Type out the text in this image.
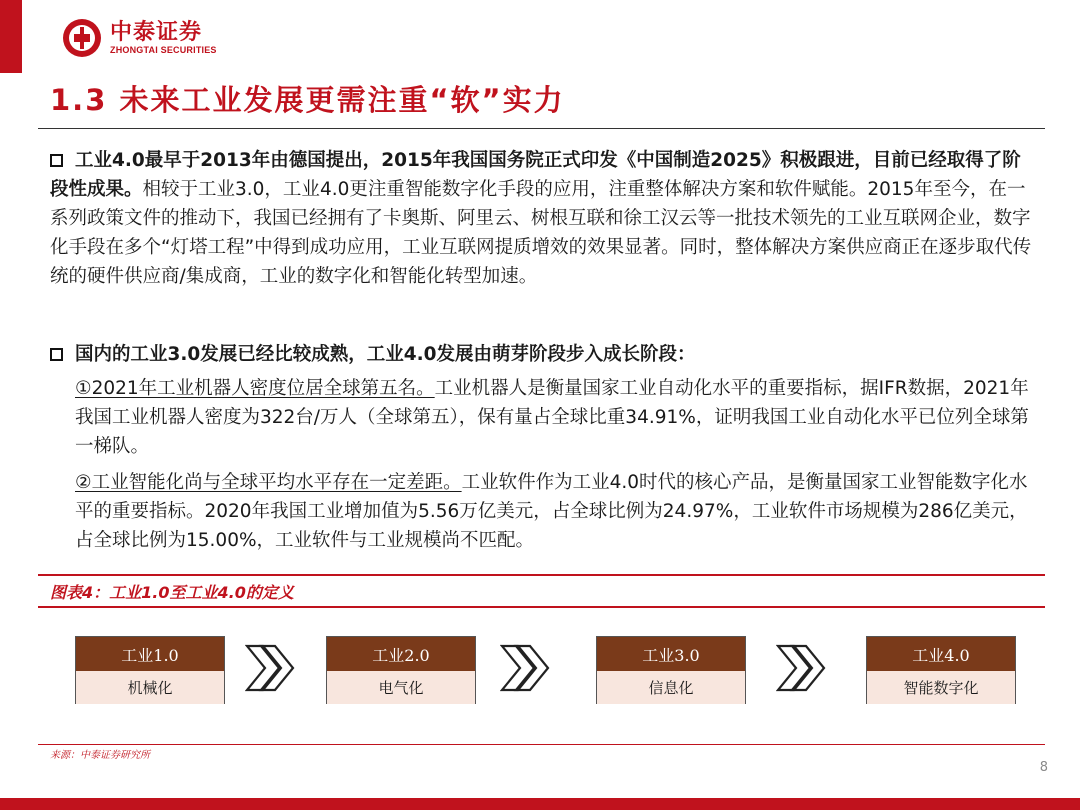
中泰证券
ZHONGTAI SECURITIES
1.3 未来工业发展更需注重“软”实力
工业4.0最早于2013年由德国提出，2015年我国国务院正式印发《中国制造2025》积极跟进，目前已经取得了阶段性成果。相较于工业3.0，工业4.0更注重智能数字化手段的应用，注重整体解决方案和软件赋能。2015年至今，在一系列政策文件的推动下，我国已经拥有了卡奥斯、阿里云、树根互联和徐工汉云等一批技术领先的工业互联网企业，数字化手段在多个“灯塔工程”中得到成功应用，工业互联网提质增效的效果显著。同时，整体解决方案供应商正在逐步取代传统的硬件供应商/集成商，工业的数字化和智能化转型加速。
国内的工业3.0发展已经比较成熟，工业4.0发展由萌芽阶段步入成长阶段：
①2021年工业机器人密度位居全球第五名。工业机器人是衡量国家工业自动化水平的重要指标，据IFR数据，2021年我国工业机器人密度为322台/万人（全球第五），保有量占全球比重34.91%，证明我国工业自动化水平已位列全球第一梯队。
②工业智能化尚与全球平均水平存在一定差距。工业软件作为工业4.0时代的核心产品，是衡量国家工业智能数字化水平的重要指标。2020年我国工业增加值为5.56万亿美元，占全球比例为24.97%，工业软件市场规模为286亿美元，占全球比例为15.00%，工业软件与工业规模尚不匹配。
图表4：工业1.0至工业4.0的定义
工业1.0
机械化
工业2.0
电气化
工业3.0
信息化
工业4.0
智能数字化
来源：中泰证券研究所
8
